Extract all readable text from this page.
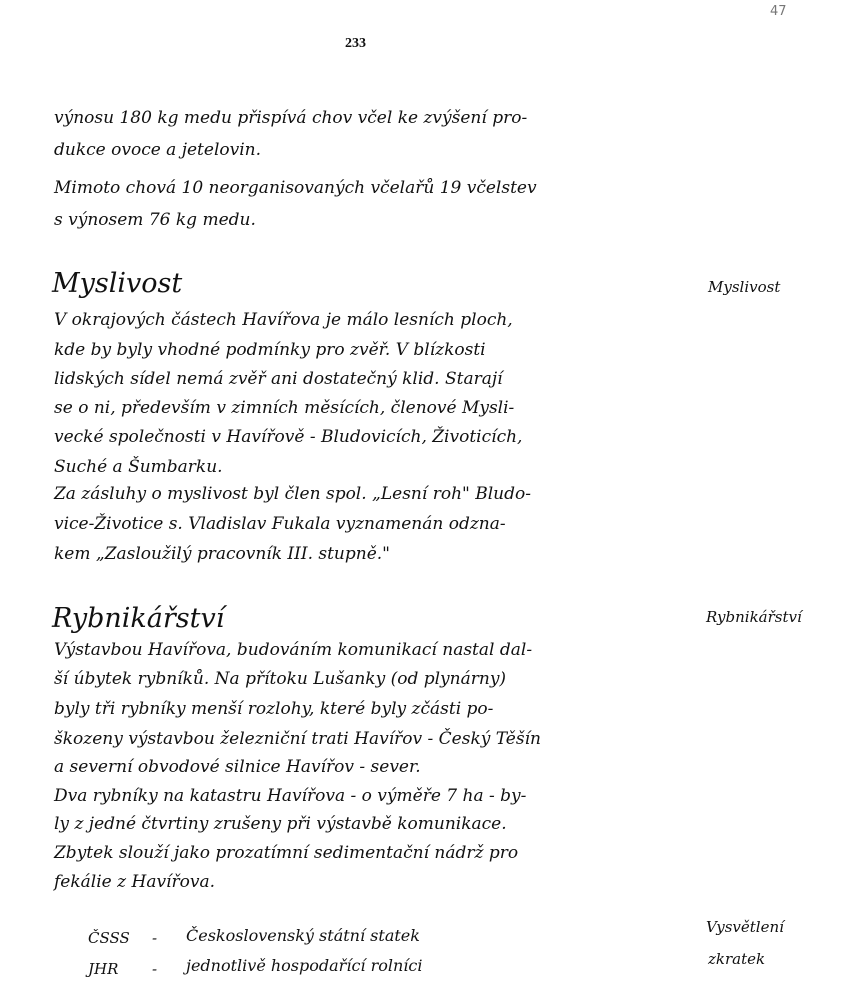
233
47
výnosu 180 kg medu přispívá chov včel ke zvýšení pro-
dukce ovoce a jetelovin.
Mimoto chová 10 neorganisovaných včelařů 19 včelstev
s výnosem 76 kg medu.
Myslivost	Myslivost
V okrajových částech Havířova je málo lesních ploch,
kde by byly vhodné podmínky pro zvěř. V blízkosti
lidských sídel nemá zvěř ani dostatečný klid. Starají
se o ni, především v zimních měsících, členové Mysli-
vecké společnosti v Havířově - Bludovicích, Životicích,
Suché a Šumbarku.
Za zásluhy o myslivost byl člen spol. „Lesní roh" Bludo-
vice-Životice s. Vladislav Fukala vyznamenán odzna-
kem „Zasloužilý pracovník III. stupně."
Rybnikářství	Rybnikářství
Výstavbou Havířova, budováním komunikací nastal dal-
ší úbytek rybníků. Na přítoku Lušanky (od plynárny)
byly tři rybníky menší rozlohy, které byly zčásti po-
škozeny výstavbou železniční trati Havířov - Český Těšín
a severní obvodové silnice Havířov - sever.
Dva rybníky na katastru Havířova - o výměře 7 ha - by-
ly z jedné čtvrtiny zrušeny při výstavbě komunikace.
Zbytek slouží jako prozatímní sedimentační nádrž pro
fekálie z Havířova.
Vysvětlení
zkratek
ČSSS - Československý státní statek
JHR - jednotlivě hospodařící rolníci
